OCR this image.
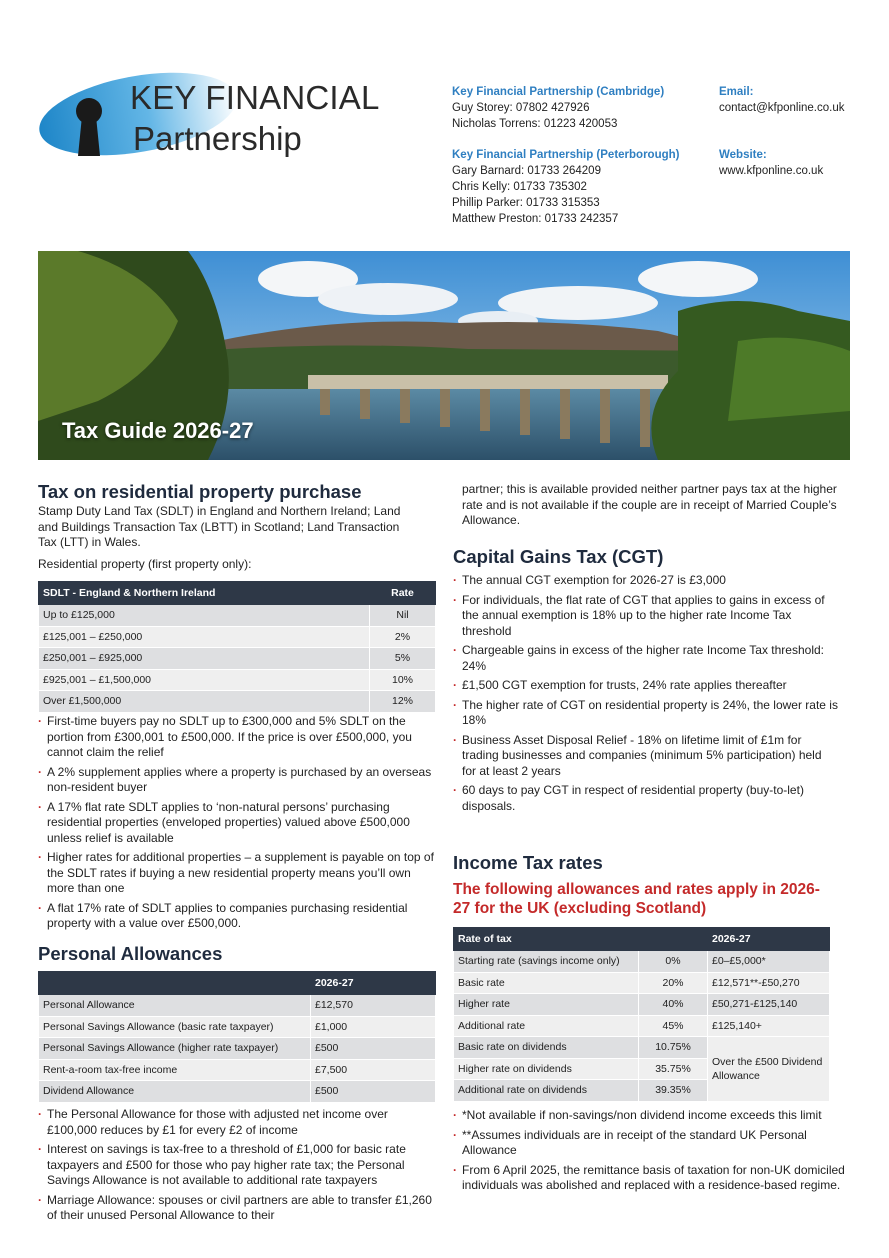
KEY FINANCIAL
Partnership
Key Financial Partnership (Cambridge)
Guy Storey: 07802 427926
Nicholas Torrens: 01223 420053
Key Financial Partnership (Peterborough)
Gary Barnard: 01733 264209
Chris Kelly: 01733 735302
Phillip Parker: 01733 315353
Matthew Preston: 01733 242357
Email:
contact@kfponline.co.uk
Website:
www.kfponline.co.uk
Tax Guide 2026-27
Tax on residential property purchase
Stamp Duty Land Tax (SDLT) in England and Northern Ireland; Land and Buildings Transaction Tax (LBTT) in Scotland; Land Transaction Tax (LTT) in Wales.
Residential property (first property only):
SDLT - England & Northern Ireland	Rate
Up to £125,000	Nil
£125,001 – £250,000	2%
£250,001 – £925,000	5%
£925,001 – £1,500,000	10%
Over £1,500,000	12%
· First-time buyers pay no SDLT up to £300,000 and 5% SDLT on the portion from £300,001 to £500,000. If the price is over £500,000, you cannot claim the relief
· A 2% supplement applies where a property is purchased by an overseas non-resident buyer
· A 17% flat rate SDLT applies to ‘non-natural persons’ purchasing residential properties (enveloped properties) valued above £500,000 unless relief is available
· Higher rates for additional properties – a supplement is payable on top of the SDLT rates if buying a new residential property means you’ll own more than one
· A flat 17% rate of SDLT applies to companies purchasing residential property with a value over £500,000.
Personal Allowances
	2026-27
Personal Allowance	£12,570
Personal Savings Allowance (basic rate taxpayer)	£1,000
Personal Savings Allowance (higher rate taxpayer)	£500
Rent-a-room tax-free income	£7,500
Dividend Allowance	£500
· The Personal Allowance for those with adjusted net income over £100,000 reduces by £1 for every £2 of income
· Interest on savings is tax-free to a threshold of £1,000 for basic rate taxpayers and £500 for those who pay higher rate tax; the Personal Savings Allowance is not available to additional rate taxpayers
· Marriage Allowance: spouses or civil partners are able to transfer £1,260 of their unused Personal Allowance to their
partner; this is available provided neither partner pays tax at the higher rate and is not available if the couple are in receipt of Married Couple’s Allowance.
Capital Gains Tax (CGT)
· The annual CGT exemption for 2026-27 is £3,000
· For individuals, the flat rate of CGT that applies to gains in excess of the annual exemption is 18% up to the higher rate Income Tax threshold
· Chargeable gains in excess of the higher rate Income Tax threshold: 24%
· £1,500 CGT exemption for trusts, 24% rate applies thereafter
· The higher rate of CGT on residential property is 24%, the lower rate is 18%
· Business Asset Disposal Relief - 18% on lifetime limit of £1m for trading businesses and companies (minimum 5% participation) held for at least 2 years
· 60 days to pay CGT in respect of residential property (buy-to-let) disposals.
Income Tax rates
The following allowances and rates apply in 2026-27 for the UK (excluding Scotland)
Rate of tax		2026-27
Starting rate (savings income only)	0%	£0–£5,000*
Basic rate	20%	£12,571**-£50,270
Higher rate	40%	£50,271-£125,140
Additional rate	45%	£125,140+
Basic rate on dividends	10.75%	Over the £500 Dividend Allowance
Higher rate on dividends	35.75%	
Additional rate on dividends	39.35%	
· *Not available if non-savings/non dividend income exceeds this limit
· **Assumes individuals are in receipt of the standard UK Personal Allowance
· From 6 April 2025, the remittance basis of taxation for non-UK domiciled individuals was abolished and replaced with a residence-based regime.
